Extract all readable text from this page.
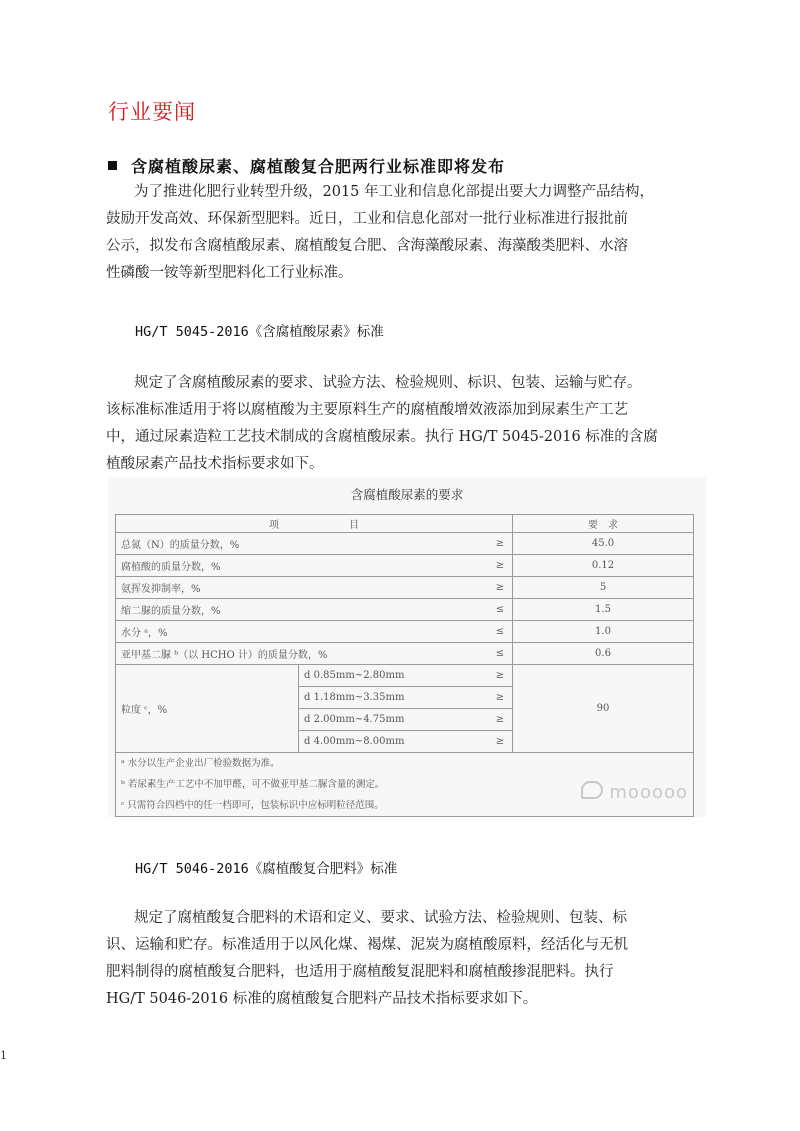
行业要闻
含腐植酸尿素、腐植酸复合肥两行业标准即将发布
为了推进化肥行业转型升级，2015 年工业和信息化部提出要大力调整产品结构，
鼓励开发高效、环保新型肥料。近日，工业和信息化部对一批行业标准进行报批前
公示，拟发布含腐植酸尿素、腐植酸复合肥、含海藻酸尿素、海藻酸类肥料、水溶
性磷酸一铵等新型肥料化工行业标准。
HG/T 5045-2016《含腐植酸尿素》标准
规定了含腐植酸尿素的要求、试验方法、检验规则、标识、包装、运输与贮存。
该标准标准适用于将以腐植酸为主要原料生产的腐植酸增效液添加到尿素生产工艺
中，通过尿素造粒工艺技术制成的含腐植酸尿素。执行 HG/T 5045-2016 标准的含腐
植酸尿素产品技术指标要求如下。
含腐植酸尿素的要求
项　　　　　　　目			要　求
总氮（N）的质量分数，%		≥	45.0
腐植酸的质量分数，%		≥	0.12
氨挥发抑制率，%		≥	5
缩二脲的质量分数，%		≤	1.5
水分 ᵃ，%		≤	1.0
亚甲基二脲 ᵇ（以 HCHO 计）的质量分数，%		≤	0.6
粒度 ᶜ，%	d 0.85mm~2.80mm	≥	90
	d 1.18mm~3.35mm	≥	
	d 2.00mm~4.75mm	≥	
	d 4.00mm~8.00mm	≥	

ᵃ 水分以生产企业出厂检验数据为准。
ᵇ 若尿素生产工艺中不加甲醛，可不做亚甲基二脲含量的测定。
ᶜ 只需符合四档中的任一档即可，包装标识中应标明粒径范围。			
mooooo
HG/T 5046-2016《腐植酸复合肥料》标准
规定了腐植酸复合肥料的术语和定义、要求、试验方法、检验规则、包装、标
识、运输和贮存。标准适用于以风化煤、褐煤、泥炭为腐植酸原料，经活化与无机
肥料制得的腐植酸复合肥料，也适用于腐植酸复混肥料和腐植酸掺混肥料。执行
HG/T 5046-2016 标准的腐植酸复合肥料产品技术指标要求如下。
1
